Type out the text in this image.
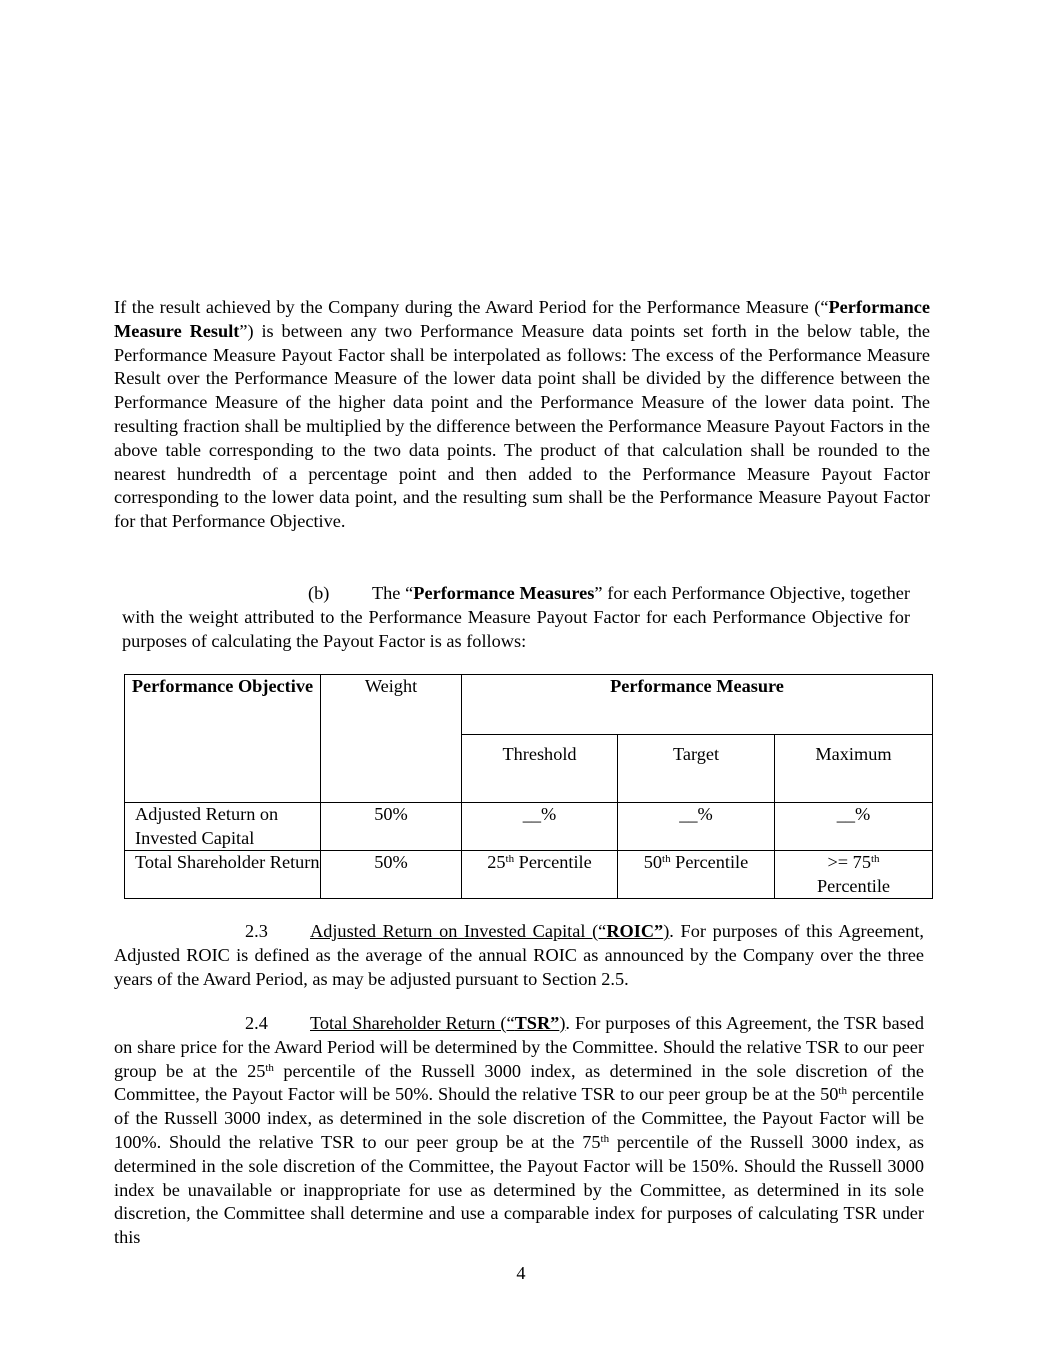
If the result achieved by the Company during the Award Period for the Performance Measure (“Performance Measure Result”) is between any two Performance Measure data points set forth in the below table, the Performance Measure Payout Factor shall be interpolated as follows: The excess of the Performance Measure Result over the Performance Measure of the lower data point shall be divided by the difference between the Performance Measure of the higher data point and the Performance Measure of the lower data point. The resulting fraction shall be multiplied by the difference between the Performance Measure Payout Factors in the above table corresponding to the two data points. The product of that calculation shall be rounded to the nearest hundredth of a percentage point and then added to the Performance Measure Payout Factor corresponding to the lower data point, and the resulting sum shall be the Performance Measure Payout Factor for that Performance Objective.

(b) The “Performance Measures” for each Performance Objective, together with the weight attributed to the Performance Measure Payout Factor for each Performance Objective for purposes of calculating the Payout Factor is as follows:

Performance Objective	Weight	Performance Measure		
		Threshold	Target	Maximum
Adjusted Return on Invested Capital	50%	__%	__%	__%
Total Shareholder Return	50%	25th Percentile	50th Percentile	>= 75th
Percentile

2.3 Adjusted Return on Invested Capital (“ROIC”). For purposes of this Agreement, Adjusted ROIC is defined as the average of the annual ROIC as announced by the Company over the three years of the Award Period, as may be adjusted pursuant to Section 2.5.

2.4 Total Shareholder Return (“TSR”). For purposes of this Agreement, the TSR based on share price for the Award Period will be determined by the Committee. Should the relative TSR to our peer group be at the 25th percentile of the Russell 3000 index, as determined in the sole discretion of the Committee, the Payout Factor will be 50%. Should the relative TSR to our peer group be at the 50th percentile of the Russell 3000 index, as determined in the sole discretion of the Committee, the Payout Factor will be 100%. Should the relative TSR to our peer group be at the 75th percentile of the Russell 3000 index, as determined in the sole discretion of the Committee, the Payout Factor will be 150%. Should the Russell 3000 index be unavailable or inappropriate for use as determined by the Committee, as determined in its sole discretion, the Committee shall determine and use a comparable index for purposes of calculating TSR under this

4
